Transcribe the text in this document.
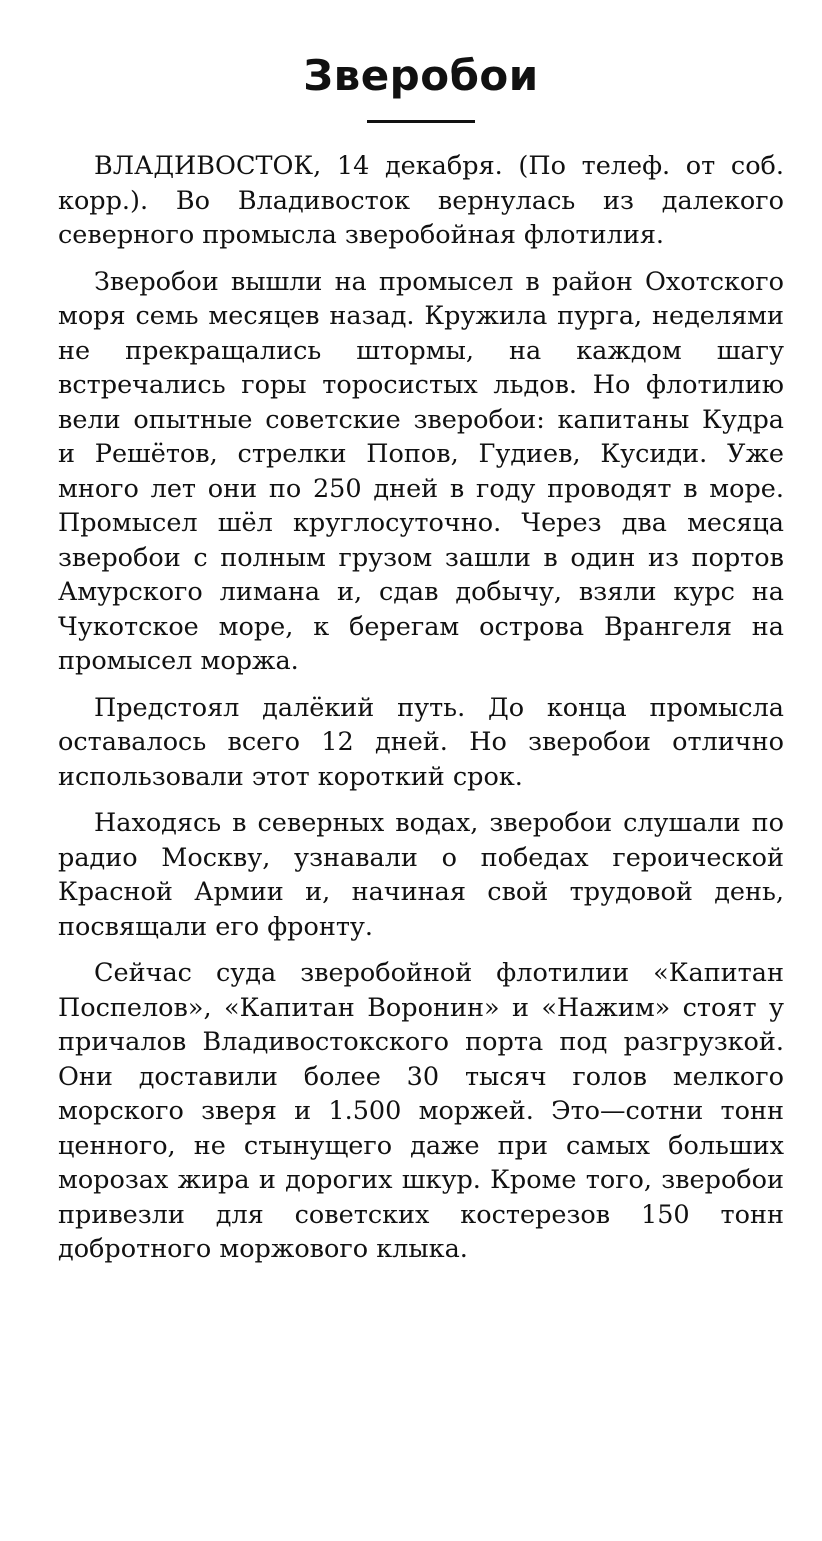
Зверобои

ВЛАДИВОСТОК, 14 декабря. (По телеф. от соб. корр.). Во Владивосток вернулась из далекого северного промысла зверобойная флотилия.

Зверобои вышли на промысел в район Охотского моря семь месяцев назад. Кружила пурга, неделями не прекращались штормы, на каждом шагу встречались горы торосистых льдов. Но флотилию вели опытные советские зверобои: капитаны Кудра и Решётов, стрелки Попов, Гудиев, Кусиди. Уже много лет они по 250 дней в году проводят в море. Промысел шёл круглосуточно. Через два месяца зверобои с полным грузом зашли в один из портов Амурского лимана и, сдав добычу, взяли курс на Чукотское море, к берегам острова Врангеля на промысел моржа.

Предстоял далёкий путь. До конца промысла оставалось всего 12 дней. Но зверобои отлично использовали этот короткий срок.

Находясь в северных водах, зверобои слушали по радио Москву, узнавали о победах героической Красной Армии и, начиная свой трудовой день, посвящали его фронту.

Сейчас суда зверобойной флотилии «Капитан Поспелов», «Капитан Воронин» и «Нажим» стоят у причалов Владивостокского порта под разгрузкой. Они доставили более 30 тысяч голов мелкого морского зверя и 1.500 моржей. Это—сотни тонн ценного, не стынущего даже при самых больших морозах жира и дорогих шкур. Кроме того, зверобои привезли для советских костерезов 150 тонн добротного моржового клыка.
